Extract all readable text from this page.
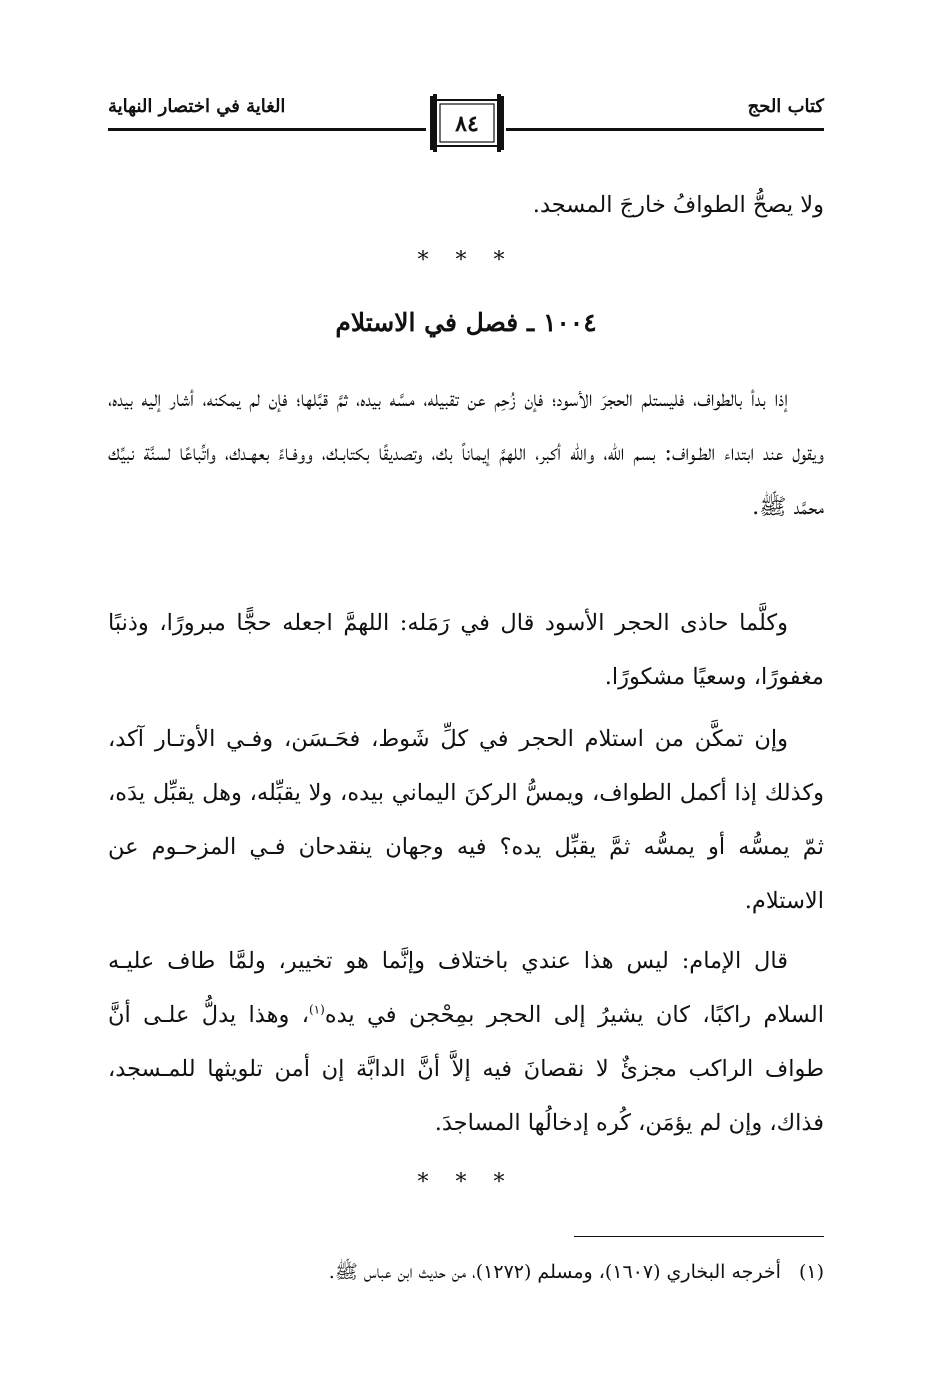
كتاب الحج
الغاية في اختصار النهاية
٨٤

ولا يصحُّ الطوافُ خارجَ المسجد.

* * *
١٠٠٤ ـ فصل في الاستلام

إذا بدأ بالطواف، فليستلم الحجرَ الأسود؛ فإن زُحِم عن تقبيله، مسَّه بيده، ثمَّ قبَّلها؛ فإن لم يمكنه، أشار إليه بيده، ويقول عند ابتداء الطـواف: بسم الله، والله أكبر، اللهمَّ إيماناً بك، وتصديقًا بكتابـك، ووفـاءً بعهـدك، واتِّباعًا لسنَّة نبيِّك محمَّد ﷺ.

وكلَّما حاذى الحجر الأسود قال في رَمَله: اللهمَّ اجعله حجًّا مبرورًا، وذنبًا مغفورًا، وسعيًا مشكورًا.

وإن تمكَّن من استلام الحجر في كلِّ شَوط، فحَـسَن، وفـي الأوتـار آكد، وكذلك إذا أكمل الطواف، ويمسُّ الركنَ اليماني بيده، ولا يقبِّله، وهل يقبِّل يدَه، ثمّ يمسُّه أو يمسُّه ثمَّ يقبِّل يده؟ فيه وجهان ينقدحان فـي المزحـوم عن الاستلام.

قال الإمام: ليس هذا عندي باختلاف وإنَّما هو تخيير، ولمَّا طاف عليـه السلام راكبًا، كان يشيرُ إلى الحجر بمِحْجن في يده$^{(١)}$، وهذا يدلُّ علـى أنَّ طواف الراكب مجزئٌ لا نقصانَ فيه إلاَّ أنَّ الدابَّة إن أمن تلويثها للمـسجد، فذاك، وإن لم يؤمَن، كُره إدخالُها المساجدَ.

* * *
(١)أخرجه البخاري (١٦٠٧)، ومسلم (١٢٧٢)، من حديث ابن عباس ﷺ.
